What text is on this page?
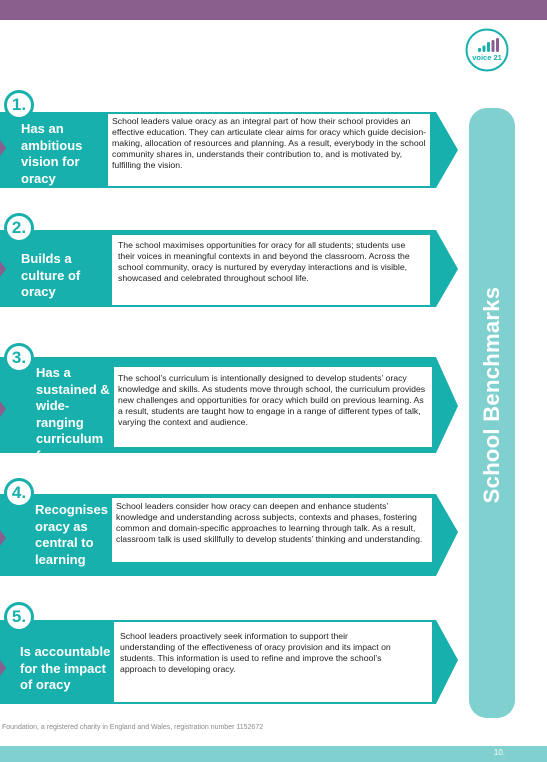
voice 21
School Benchmarks
1.
Has an ambitious vision for oracy
School leaders value oracy as an integral part of how their school provides an effective education. They can articulate clear aims for oracy which guide decision-making, allocation of resources and planning. As a result, everybody in the school community shares in, understands their contribution to, and is motivated by, fulfilling the vision.
2.
Builds a culture of oracy
The school maximises opportunities for oracy for all students; students use their voices in meaningful contexts in and beyond the classroom. Across the school community, oracy is nurtured by everyday interactions and is visible, showcased and celebrated throughout school life.
3.
Has a sustained & wide-ranging curriculum for oracy
The school’s curriculum is intentionally designed to develop students’ oracy knowledge and skills. As students move through school, the curriculum provides new challenges and opportunities for oracy which build on previous learning. As a result, students are taught how to engage in a range of different types of talk, varying the context and audience.
4.
Recognises oracy as central to learning
School leaders consider how oracy can deepen and enhance students’ knowledge and understanding across subjects, contexts and phases, fostering common and domain-specific approaches to learning through talk. As a result, classroom talk is used skillfully to develop students’ thinking and understanding.
5.
Is accountable for the impact of oracy
School leaders proactively seek information to support their understanding of the effectiveness of oracy provision and its impact on students. This information is used to refine and improve the school’s approach to developing oracy.
Foundation, a registered charity in England and Wales, registration number 1152672
10.
